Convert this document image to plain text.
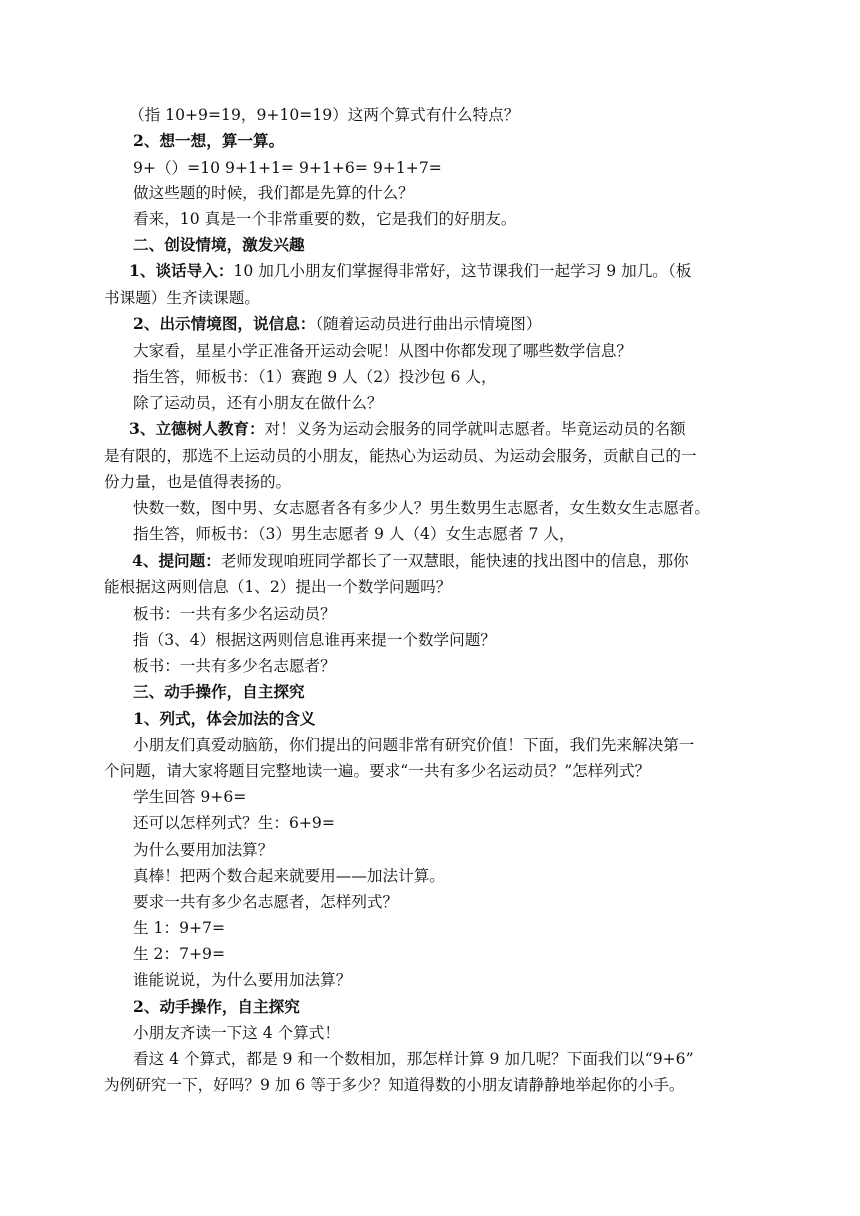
（指 10+9=19，9+10=19）这两个算式有什么特点？
2、想一想，算一算。
9+（）=10 9+1+1= 9+1+6= 9+1+7=
做这些题的时候，我们都是先算的什么？
看来，10 真是一个非常重要的数，它是我们的好朋友。
二、创设情境，激发兴趣
1、谈话导入：10 加几小朋友们掌握得非常好，这节课我们一起学习 9 加几。（板
书课题）生齐读课题。
2、出示情境图，说信息：（随着运动员进行曲出示情境图）
大家看，星星小学正准备开运动会呢！从图中你都发现了哪些数学信息？
指生答，师板书：（1）赛跑 9 人（2）投沙包 6 人，
除了运动员，还有小朋友在做什么？
3、立德树人教育：对！义务为运动会服务的同学就叫志愿者。毕竟运动员的名额
是有限的，那选不上运动员的小朋友，能热心为运动员、为运动会服务，贡献自己的一
份力量，也是值得表扬的。
快数一数，图中男、女志愿者各有多少人？男生数男生志愿者，女生数女生志愿者。
指生答，师板书：（3）男生志愿者 9 人（4）女生志愿者 7 人，
4、提问题：老师发现咱班同学都长了一双慧眼，能快速的找出图中的信息，那你
能根据这两则信息（1、2）提出一个数学问题吗？
板书：一共有多少名运动员？
指（3、4）根据这两则信息谁再来提一个数学问题？
板书：一共有多少名志愿者？
三、动手操作，自主探究
1、列式，体会加法的含义
小朋友们真爱动脑筋，你们提出的问题非常有研究价值！下面，我们先来解决第一
个问题，请大家将题目完整地读一遍。要求“一共有多少名运动员？”怎样列式？
学生回答 9+6=
还可以怎样列式？生：6+9=
为什么要用加法算？
真棒！把两个数合起来就要用——加法计算。
要求一共有多少名志愿者，怎样列式？
生 1：9+7=
生 2：7+9=
谁能说说，为什么要用加法算？
2、动手操作，自主探究
小朋友齐读一下这 4 个算式！
看这 4 个算式，都是 9 和一个数相加，那怎样计算 9 加几呢？下面我们以“9+6”
为例研究一下，好吗？9 加 6 等于多少？知道得数的小朋友请静静地举起你的小手。
